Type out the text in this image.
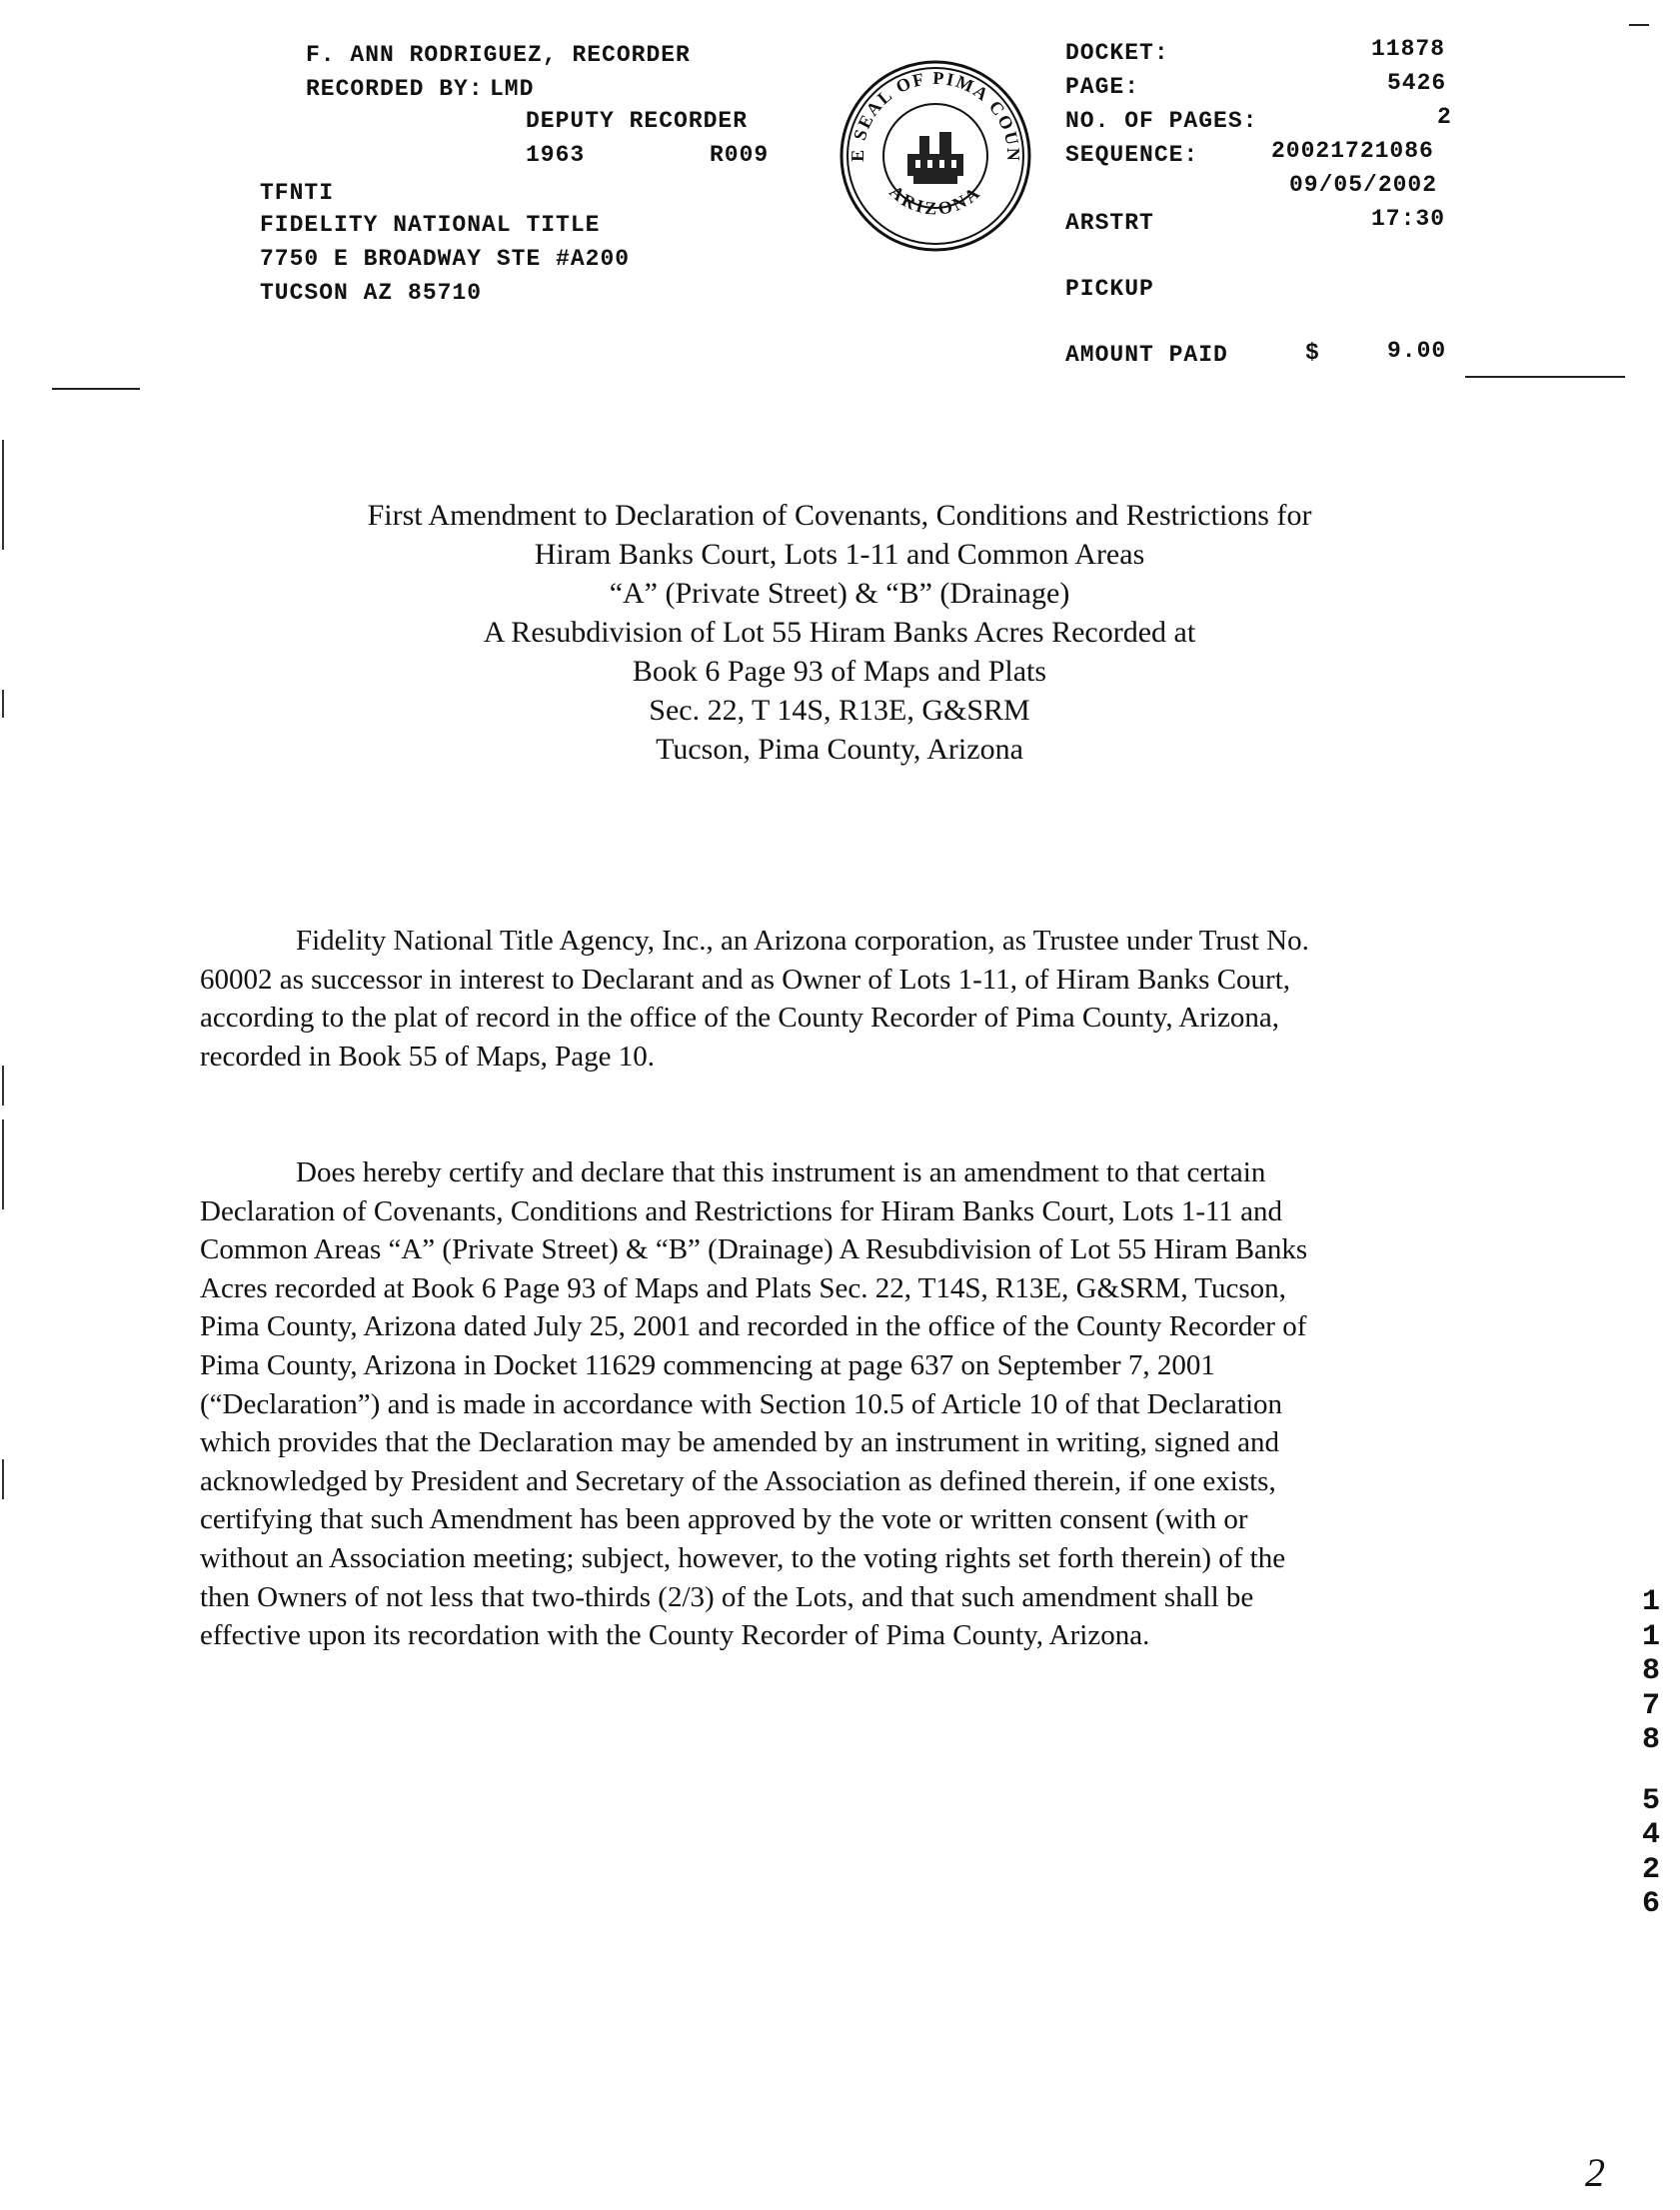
F. ANN RODRIGUEZ, RECORDER
RECORDED BY: LMD
DEPUTY RECORDER
1963	R009
TFNTI
FIDELITY NATIONAL TITLE
7750 E BROADWAY STE #A200
TUCSON AZ 85710
E SEAL OF PIMA COUN
ARIZONA
DOCKET:	11878
PAGE:	5426
NO. OF PAGES:	2
SEQUENCE:	20021721086
09/05/2002
ARSTRT	17:30
PICKUP
AMOUNT PAID	$	9.00
First Amendment to Declaration of Covenants, Conditions and Restrictions for
Hiram Banks Court, Lots 1-11 and Common Areas
“A” (Private Street) & “B” (Drainage)
A Resubdivision of Lot 55 Hiram Banks Acres Recorded at
Book 6 Page 93 of Maps and Plats
Sec. 22, T 14S, R13E, G&SRM
Tucson, Pima County, Arizona
Fidelity National Title Agency, Inc., an Arizona corporation, as Trustee under Trust No.
60002 as successor in interest to Declarant and as Owner of Lots 1-11, of Hiram Banks Court,
according to the plat of record in the office of the County Recorder of Pima County, Arizona,
recorded in Book 55 of Maps, Page 10.
Does hereby certify and declare that this instrument is an amendment to that certain
Declaration of Covenants, Conditions and Restrictions for Hiram Banks Court, Lots 1-11 and
Common Areas “A” (Private Street) & “B” (Drainage) A Resubdivision of Lot 55 Hiram Banks
Acres recorded at Book 6 Page 93 of Maps and Plats Sec. 22, T14S, R13E, G&SRM, Tucson,
Pima County, Arizona dated July 25, 2001 and recorded in the office of the County Recorder of
Pima County, Arizona in Docket 11629 commencing at page 637 on September 7, 2001
(“Declaration”) and is made in accordance with Section 10.5 of Article 10 of that Declaration
which provides that the Declaration may be amended by an instrument in writing, signed and
acknowledged by President and Secretary of the Association as defined therein, if one exists,
certifying that such Amendment has been approved by the vote or written consent (with or
without an Association meeting; subject, however, to the voting rights set forth therein) of the
then Owners of not less that two-thirds (2/3) of the Lots, and that such amendment shall be
effective upon its recordation with the County Recorder of Pima County, Arizona.
1
1
8
7
8
5
4
2
6
2
